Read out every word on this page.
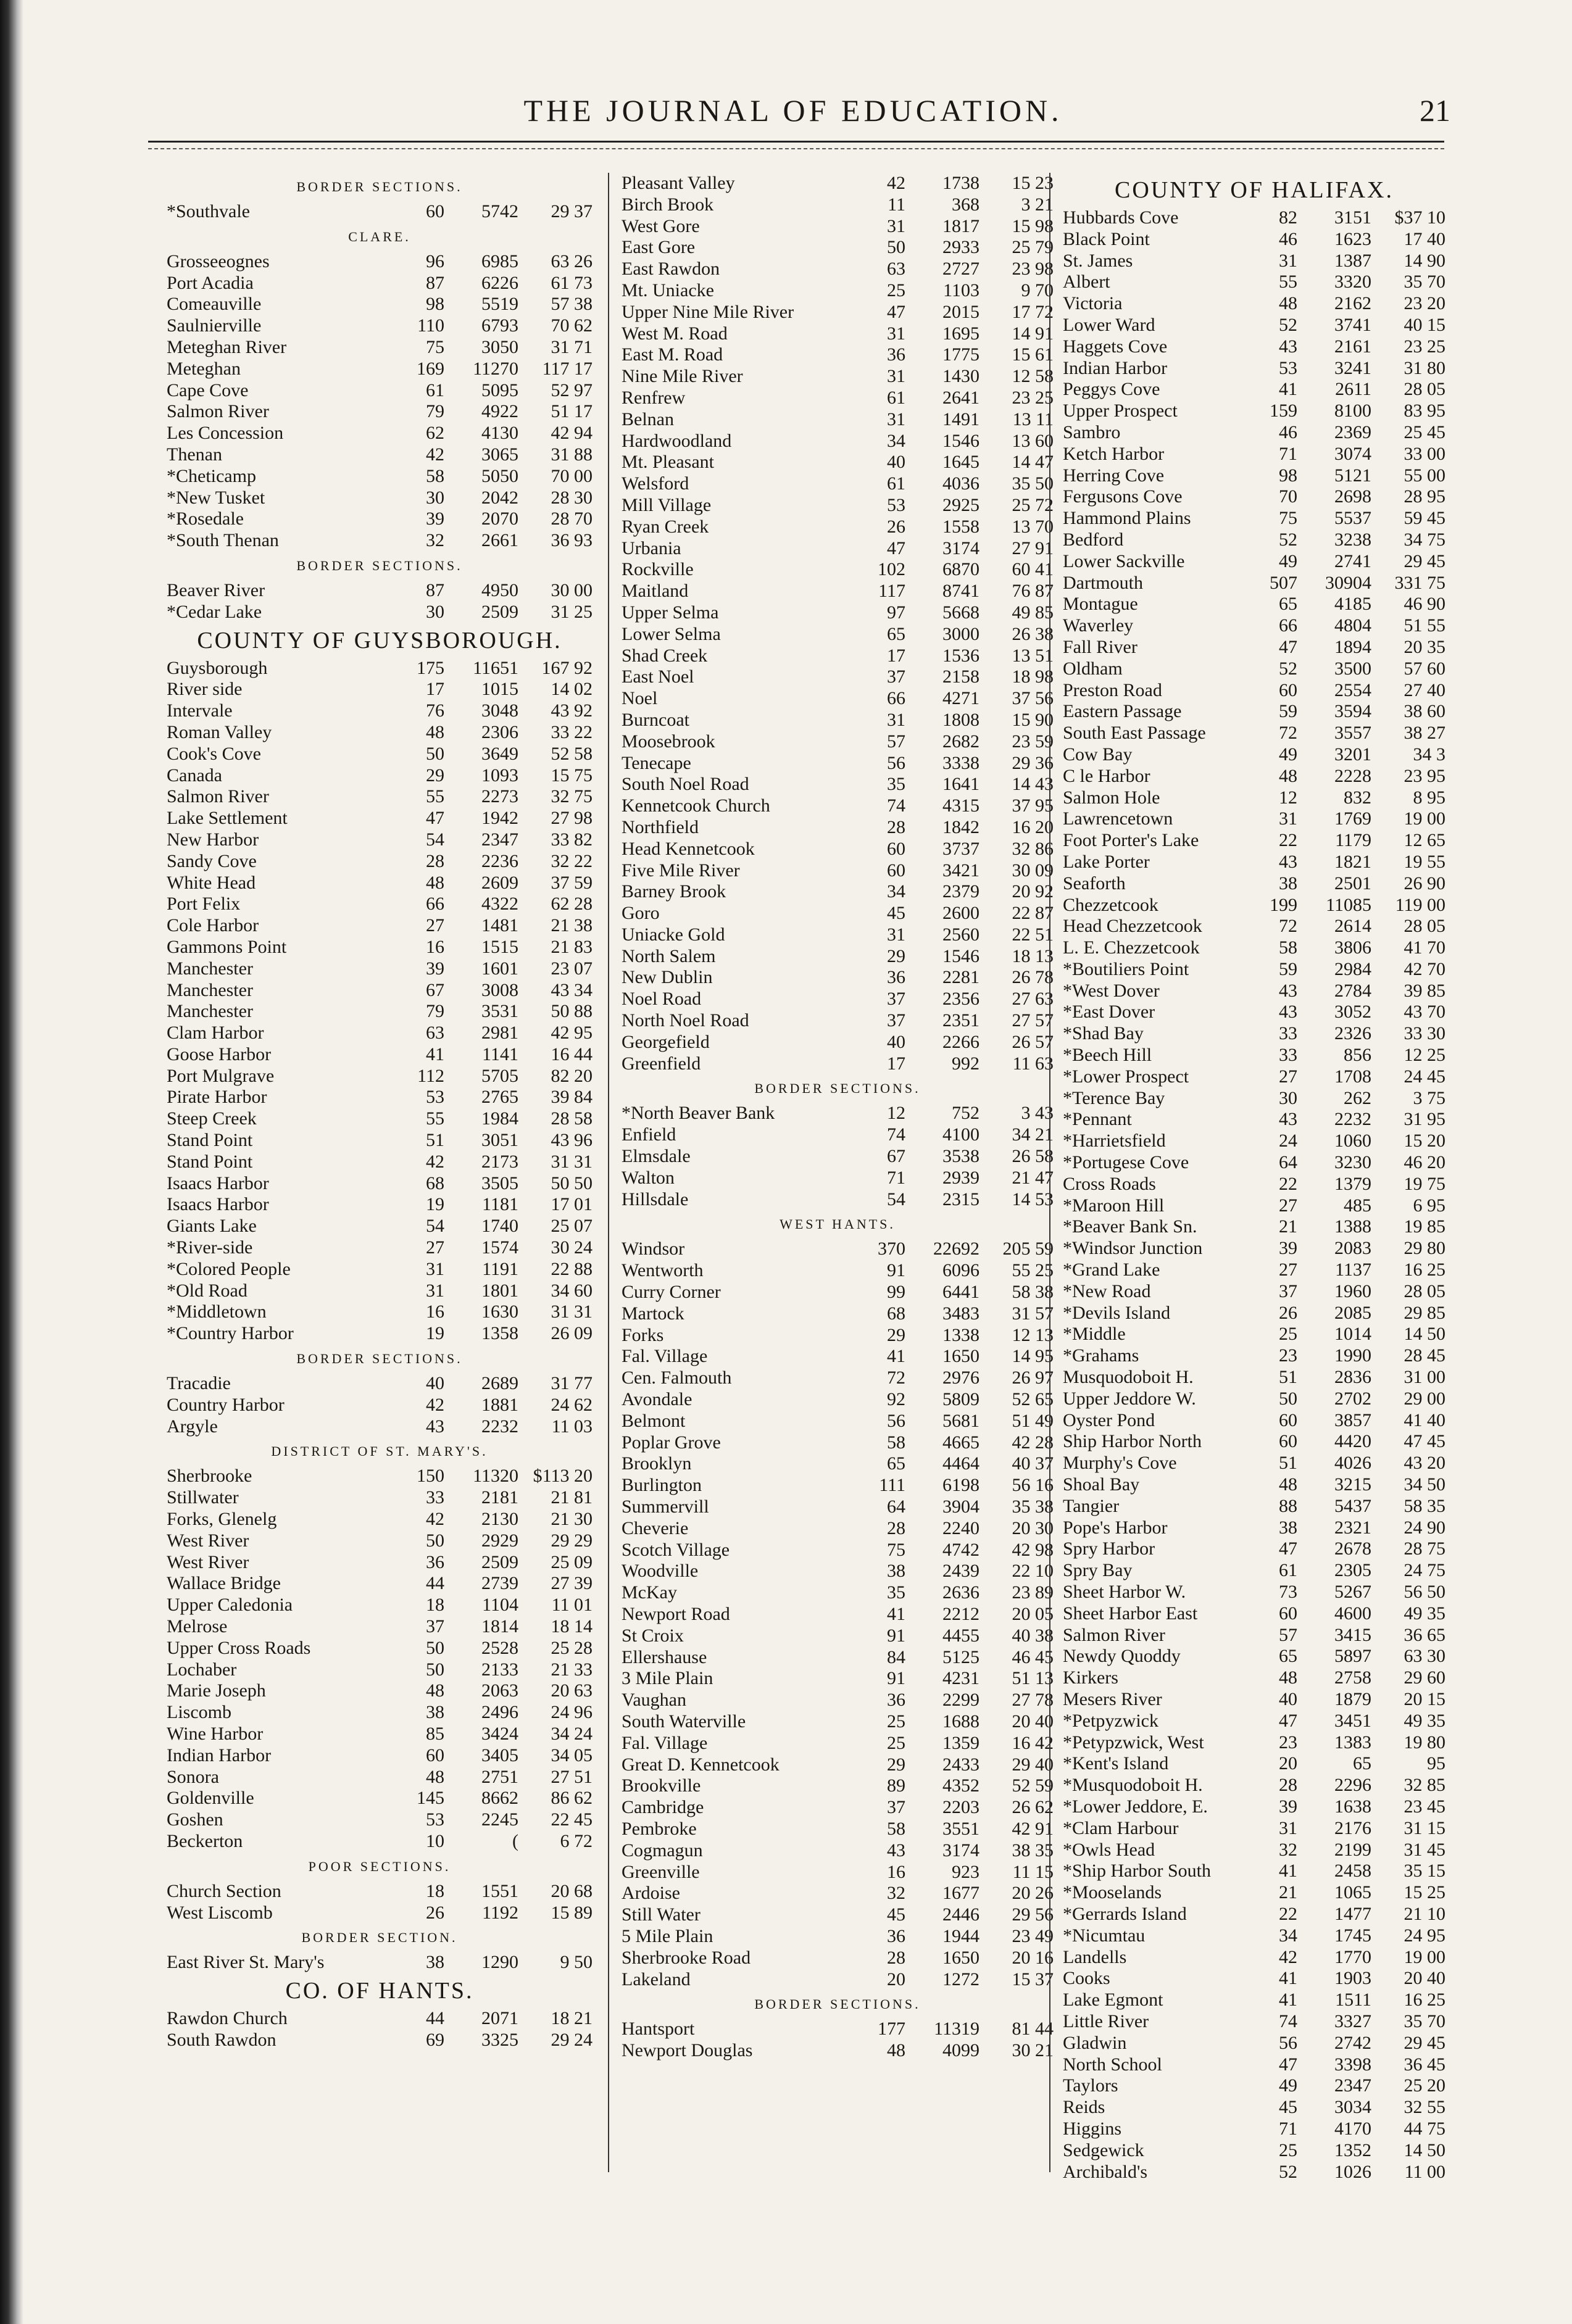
THE JOURNAL OF EDUCATION.	21
BORDER SECTIONS.
*Southvale	60	5742	29 37
CLARE.
Grosseeognes	96	6985	63 26
Port Acadia	87	6226	61 73
Comeauville	98	5519	57 38
Saulnierville	110	6793	70 62
Meteghan River	75	3050	31 71
Meteghan	169	11270	117 17
Cape Cove	61	5095	52 97
Salmon River	79	4922	51 17
Les Concession	62	4130	42 94
Thenan	42	3065	31 88
*Cheticamp	58	5050	70 00
*New Tusket	30	2042	28 30
*Rosedale	39	2070	28 70
*South Thenan	32	2661	36 93
BORDER SECTIONS.
Beaver River	87	4950	30 00
*Cedar Lake	30	2509	31 25
COUNTY OF GUYSBOROUGH.
Guysborough	175	11651	167 92
River side	17	1015	14 02
Intervale	76	3048	43 92
Roman Valley	48	2306	33 22
Cook's Cove	50	3649	52 58
Canada	29	1093	15 75
Salmon River	55	2273	32 75
Lake Settlement	47	1942	27 98
New Harbor	54	2347	33 82
Sandy Cove	28	2236	32 22
White Head	48	2609	37 59
Port Felix	66	4322	62 28
Cole Harbor	27	1481	21 38
Gammons Point	16	1515	21 83
Manchester	39	1601	23 07
Manchester	67	3008	43 34
Manchester	79	3531	50 88
Clam Harbor	63	2981	42 95
Goose Harbor	41	1141	16 44
Port Mulgrave	112	5705	82 20
Pirate Harbor	53	2765	39 84
Steep Creek	55	1984	28 58
Stand Point	51	3051	43 96
Stand Point	42	2173	31 31
Isaacs Harbor	68	3505	50 50
Isaacs Harbor	19	1181	17 01
Giants Lake	54	1740	25 07
*River-side	27	1574	30 24
*Colored People	31	1191	22 88
*Old Road	31	1801	34 60
*Middletown	16	1630	31 31
*Country Harbor	19	1358	26 09
BORDER SECTIONS.
Tracadie	40	2689	31 77
Country Harbor	42	1881	24 62
Argyle	43	2232	11 03
DISTRICT OF ST. MARY'S.
Sherbrooke	150	11320 $113 20
Stillwater	33	2181	21 81
Forks, Glenelg	42	2130	21 30
West River	50	2929	29 29
West River	36	2509	25 09
Wallace Bridge	44	2739	27 39
Upper Caledonia	18	1104	11 01
Melrose	37	1814	18 14
Upper Cross Roads	50	2528	25 28
Lochaber	50	2133	21 33
Marie Joseph	48	2063	20 63
Liscomb	38	2496	24 96
Wine Harbor	85	3424	34 24
Indian Harbor	60	3405	34 05
Sonora	48	2751	27 51
Goldenville	145	8662	86 62
Goshen	53	2245	22 45
Beckerton	10	(	6 72
POOR SECTIONS.
Church Section	18	1551	20 68
West Liscomb	26	1192	15 89
BORDER SECTION.
East River St. Mary's	38	1290	9 50
CO. OF HANTS.
Rawdon Church	44	2071	18 21
South Rawdon	69	3325	29 24
Pleasant Valley	42	1738	15 23
Birch Brook	11	368	3 21
West Gore	31	1817	15 98
East Gore	50	2933	25 79
East Rawdon	63	2727	23 98
Mt. Uniacke	25	1103	9 70
Upper Nine Mile River	47	2015	17 72
West M. Road	31	1695	14 91
East M. Road	36	1775	15 61
Nine Mile River	31	1430	12 58
Renfrew	61	2641	23 25
Belnan	31	1491	13 11
Hardwoodland	34	1546	13 60
Mt. Pleasant	40	1645	14 47
Welsford	61	4036	35 50
Mill Village	53	2925	25 72
Ryan Creek	26	1558	13 70
Urbania	47	3174	27 91
Rockville	102	6870	60 41
Maitland	117	8741	76 87
Upper Selma	97	5668	49 85
Lower Selma	65	3000	26 38
Shad Creek	17	1536	13 51
East Noel	37	2158	18 98
Noel	66	4271	37 56
Burncoat	31	1808	15 90
Moosebrook	57	2682	23 59
Tenecape	56	3338	29 36
South Noel Road	35	1641	14 43
Kennetcook Church	74	4315	37 95
Northfield	28	1842	16 20
Head Kennetcook	60	3737	32 86
Five Mile River	60	3421	30 09
Barney Brook	34	2379	20 92
Goro	45	2600	22 87
Uniacke Gold	31	2560	22 51
North Salem	29	1546	18 13
New Dublin	36	2281	26 78
Noel Road	37	2356	27 63
North Noel Road	37	2351	27 57
Georgefield	40	2266	26 57
Greenfield	17	992	11 63
BORDER SECTIONS.
*North Beaver Bank	12	752	3 43
Enfield	74	4100	34 21
Elmsdale	67	3538	26 58
Walton	71	2939	21 47
Hillsdale	54	2315	14 53
WEST HANTS.
Windsor	370	22692	205 59
Wentworth	91	6096	55 25
Curry Corner	99	6441	58 38
Martock	68	3483	31 57
Forks	29	1338	12 13
Fal. Village	41	1650	14 95
Cen. Falmouth	72	2976	26 97
Avondale	92	5809	52 65
Belmont	56	5681	51 49
Poplar Grove	58	4665	42 28
Brooklyn	65	4464	40 37
Burlington	111	6198	56 16
Summervill	64	3904	35 38
Cheverie	28	2240	20 30
Scotch Village	75	4742	42 98
Woodville	38	2439	22 10
McKay	35	2636	23 89
Newport Road	41	2212	20 05
St Croix	91	4455	40 38
Ellershause	84	5125	46 45
3 Mile Plain	91	4231	51 13
Vaughan	36	2299	27 78
South Waterville	25	1688	20 40
Fal. Village	25	1359	16 42
Great D. Kennetcook	29	2433	29 40
Brookville	89	4352	52 59
Cambridge	37	2203	26 62
Pembroke	58	3551	42 91
Cogmagun	43	3174	38 35
Greenville	16	923	11 15
Ardoise	32	1677	20 26
Still Water	45	2446	29 56
5 Mile Plain	36	1944	23 49
Sherbrooke Road	28	1650	20 16
Lakeland	20	1272	15 37
BORDER SECTIONS.
Hantsport	177	11319	81 44
Newport Douglas	48	4099	30 21
COUNTY OF HALIFAX.
Hubbards Cove	82	3151	$37 10
Black Point	46	1623	17 40
St. James	31	1387	14 90
Albert	55	3320	35 70
Victoria	48	2162	23 20
Lower Ward	52	3741	40 15
Haggets Cove	43	2161	23 25
Indian Harbor	53	3241	31 80
Peggys Cove	41	2611	28 05
Upper Prospect	159	8100	83 95
Sambro	46	2369	25 45
Ketch Harbor	71	3074	33 00
Herring Cove	98	5121	55 00
Fergusons Cove	70	2698	28 95
Hammond Plains	75	5537	59 45
Bedford	52	3238	34 75
Lower Sackville	49	2741	29 45
Dartmouth	507	30904	331 75
Montague	65	4185	46 90
Waverley	66	4804	51 55
Fall River	47	1894	20 35
Oldham	52	3500	57 60
Preston Road	60	2554	27 40
Eastern Passage	59	3594	38 60
South East Passage	72	3557	38 27
Cow Bay	49	3201	34 3
C le Harbor	48	2228	23 95
Salmon Hole	12	832	8 95
Lawrencetown	31	1769	19 00
Foot Porter's Lake	22	1179	12 65
Lake Porter	43	1821	19 55
Seaforth	38	2501	26 90
Chezzetcook	199	11085	119 00
Head Chezzetcook	72	2614	28 05
L. E. Chezzetcook	58	3806	41 70
*Boutiliers Point	59	2984	42 70
*West Dover	43	2784	39 85
*East Dover	43	3052	43 70
*Shad Bay	33	2326	33 30
*Beech Hill	33	856	12 25
*Lower Prospect	27	1708	24 45
*Terence Bay	30	262	3 75
*Pennant	43	2232	31 95
*Harrietsfield	24	1060	15 20
*Portugese Cove	64	3230	46 20
Cross Roads	22	1379	19 75
*Maroon Hill	27	485	6 95
*Beaver Bank Sn.	21	1388	19 85
*Windsor Junction	39	2083	29 80
*Grand Lake	27	1137	16 25
*New Road	37	1960	28 05
*Devils Island	26	2085	29 85
*Middle	25	1014	14 50
*Grahams	23	1990	28 45
Musquodoboit H.	51	2836	31 00
Upper Jeddore W.	50	2702	29 00
Oyster Pond	60	3857	41 40
Ship Harbor North	60	4420	47 45
Murphy's Cove	51	4026	43 20
Shoal Bay	48	3215	34 50
Tangier	88	5437	58 35
Pope's Harbor	38	2321	24 90
Spry Harbor	47	2678	28 75
Spry Bay	61	2305	24 75
Sheet Harbor W.	73	5267	56 50
Sheet Harbor East	60	4600	49 35
Salmon River	57	3415	36 65
Newdy Quoddy	65	5897	63 30
Kirkers	48	2758	29 60
Mesers River	40	1879	20 15
*Petpyzwick	47	3451	49 35
*Petypzwick, West	23	1383	19 80
*Kent's Island	20	65	95
*Musquodoboit H.	28	2296	32 85
*Lower Jeddore, E.	39	1638	23 45
*Clam Harbour	31	2176	31 15
*Owls Head	32	2199	31 45
*Ship Harbor South	41	2458	35 15
*Mooselands	21	1065	15 25
*Gerrards Island	22	1477	21 10
*Nicumtau	34	1745	24 95
Landells	42	1770	19 00
Cooks	41	1903	20 40
Lake Egmont	41	1511	16 25
Little River	74	3327	35 70
Gladwin	56	2742	29 45
North School	47	3398	36 45
Taylors	49	2347	25 20
Reids	45	3034	32 55
Higgins	71	4170	44 75
Sedgewick	25	1352	14 50
Archibald's	52	1026	11 00
